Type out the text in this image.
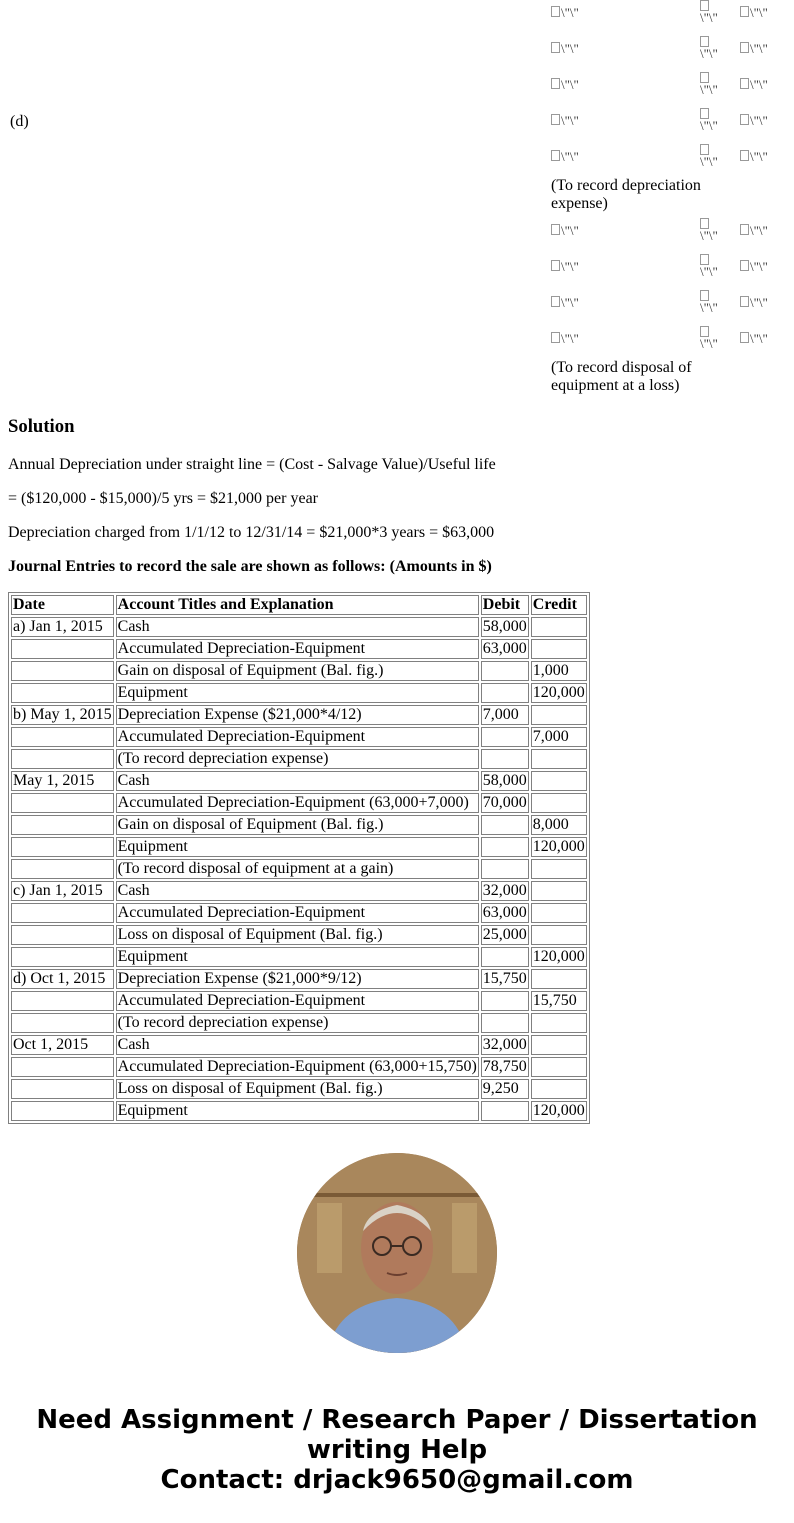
(d)
\"\"	\"\" \"\"
\"\"	\"\" \"\"
\"\"	\"\" \"\"
\"\"	\"\" \"\"
\"\"	\"\" \"\"
\"\"	\"\" \"\"
\"\"	\"\" \"\"
\"\"	\"\" \"\"
\"\"	\"\" \"\"
(To record depreciation expense)
(To record disposal of equipment at a loss)
Solution
Annual Depreciation under straight line = (Cost - Salvage Value)/Useful life
= ($120,000 - $15,000)/5 yrs = $21,000 per year
Depreciation charged from 1/1/12 to 12/31/14 = $21,000*3 years = $63,000
Journal Entries to record the sale are shown as follows: (Amounts in $)
Date	Account Titles and Explanation	Debit	Credit
a) Jan 1, 2015	Cash	58,000	
	Accumulated Depreciation-Equipment	63,000	
	Gain on disposal of Equipment (Bal. fig.)		1,000
	Equipment		120,000
b) May 1, 2015	Depreciation Expense ($21,000*4/12)	7,000	
	Accumulated Depreciation-Equipment		7,000
	(To record depreciation expense)		
May 1, 2015	Cash	58,000	
	Accumulated Depreciation-Equipment (63,000+7,000)	70,000	
	Gain on disposal of Equipment (Bal. fig.)		8,000
	Equipment		120,000
	(To record disposal of equipment at a gain)		
c) Jan 1, 2015	Cash	32,000	
	Accumulated Depreciation-Equipment	63,000	
	Loss on disposal of Equipment (Bal. fig.)	25,000	
	Equipment		120,000
d) Oct 1, 2015	Depreciation Expense ($21,000*9/12)	15,750	
	Accumulated Depreciation-Equipment		15,750
	(To record depreciation expense)		
Oct 1, 2015	Cash	32,000	
	Accumulated Depreciation-Equipment (63,000+15,750)	78,750	
	Loss on disposal of Equipment (Bal. fig.)	9,250	
	Equipment		120,000
Need Assignment / Research Paper / Dissertation
writing Help
Contact: drjack9650@gmail.com
